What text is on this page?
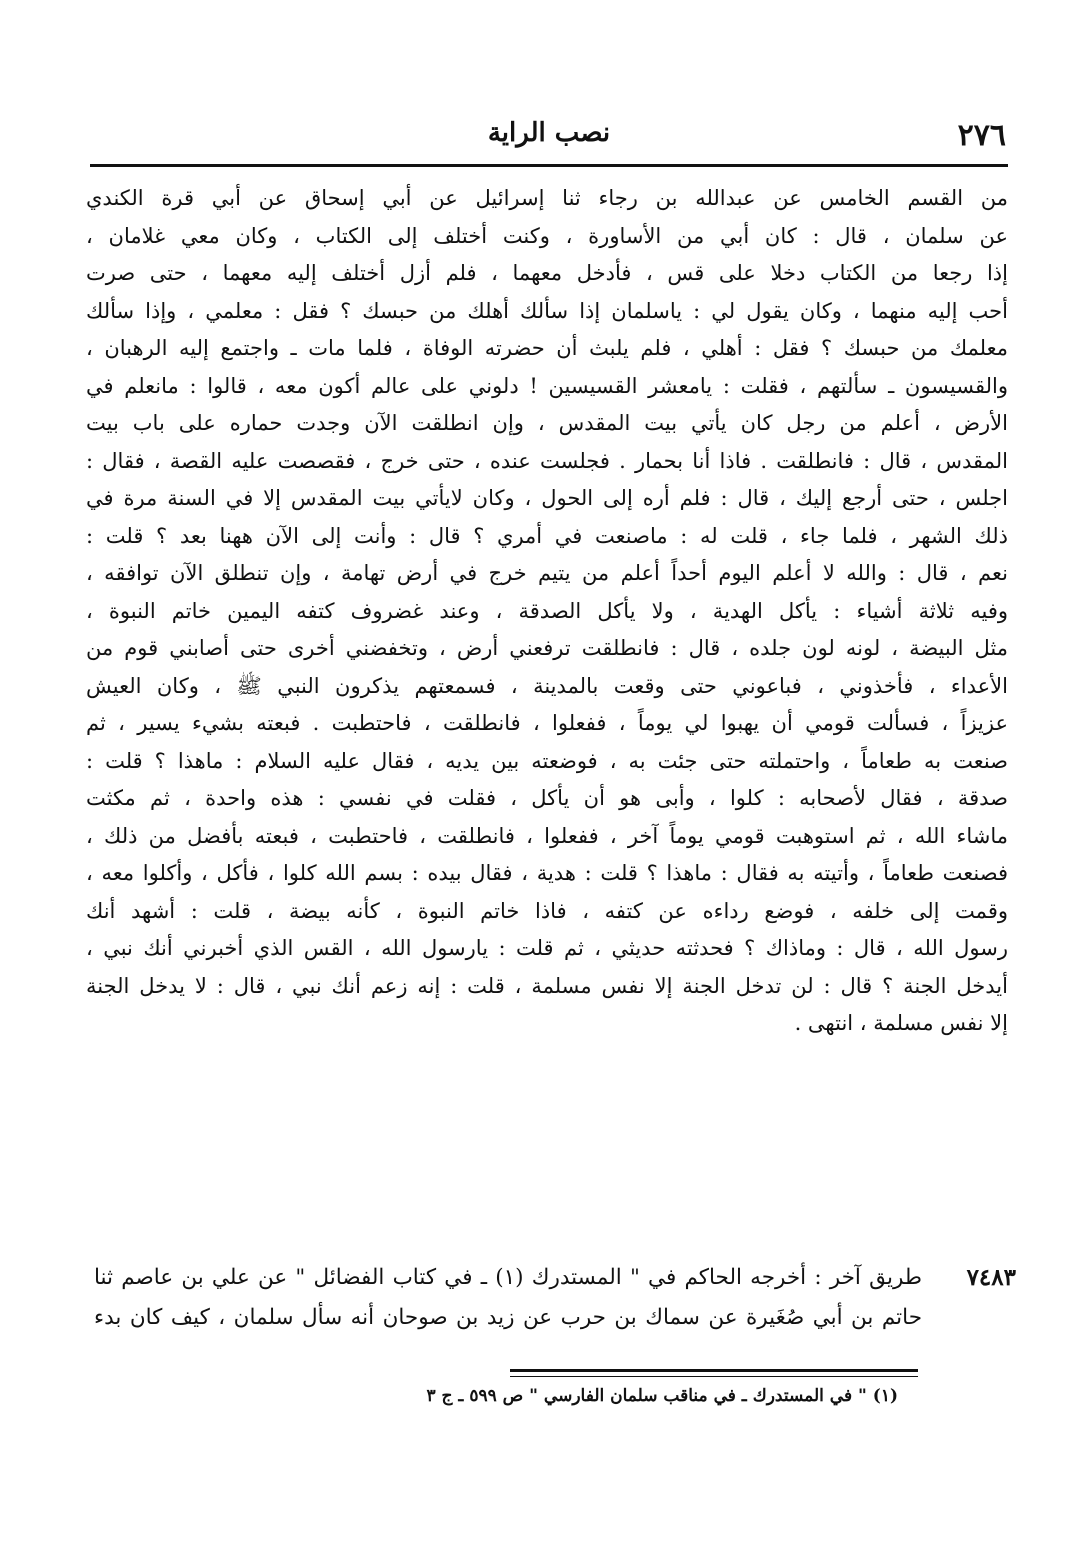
٢٧٦
نصب الراية
من القسم الخامس عن عبدالله بن رجاء ثنا إسرائيل عن أبي إسحاق عن أبي قرة الكندي
عن سلمان ، قال : كان أبي من الأساورة ، وكنت أختلف إلى الكتاب ، وكان معي غلامان ،
إذا رجعا من الكتاب دخلا على قس ، فأدخل معهما ، فلم أزل أختلف إليه معهما ، حتى صرت
أحب إليه منهما ، وكان يقول لي : ياسلمان إذا سألك أهلك من حبسك ؟ فقل : معلمي ، وإذا سألك
معلمك من حبسك ؟ فقل : أهلي ، فلم يلبث أن حضرته الوفاة ، فلما مات ـ واجتمع إليه الرهبان ،
والقسيسون ـ سألتهم ، فقلت : يامعشر القسيسين ! دلوني على عالم أكون معه ، قالوا : مانعلم في
الأرض ، أعلم من رجل كان يأتي بيت المقدس ، وإن انطلقت الآن وجدت حماره على باب بيت
المقدس ، قال : فانطلقت . فاذا أنا بحمار . فجلست عنده ، حتى خرج ، فقصصت عليه القصة ، فقال :
اجلس ، حتى أرجع إليك ، قال : فلم أره إلى الحول ، وكان لايأتي بيت المقدس إلا في السنة مرة في
ذلك الشهر ، فلما جاء ، قلت له : ماصنعت في أمري ؟ قال : وأنت إلى الآن ههنا بعد ؟ قلت :
نعم ، قال : والله لا أعلم اليوم أحداً أعلم من يتيم خرج في أرض تهامة ، وإن تنطلق الآن توافقه ،
وفيه ثلاثة أشياء : يأكل الهدية ، ولا يأكل الصدقة ، وعند غضروف كتفه اليمين خاتم النبوة ،
مثل البيضة ، لونه لون جلده ، قال : فانطلقت ترفعني أرض ، وتخفضني أخرى حتى أصابني قوم من
الأعداء ، فأخذوني ، فباعوني حتى وقعت بالمدينة ، فسمعتهم يذكرون النبي ﷺ ، وكان العيش
عزيزاً ، فسألت قومي أن يهبوا لي يوماً ، ففعلوا ، فانطلقت ، فاحتطبت . فبعته بشيء يسير ، ثم
صنعت به طعاماً ، واحتملته حتى جئت به ، فوضعته بين يديه ، فقال عليه السلام : ماهذا ؟ قلت :
صدقة ، فقال لأصحابه : كلوا ، وأبى هو أن يأكل ، فقلت في نفسي : هذه واحدة ، ثم مكثت
ماشاء الله ، ثم استوهبت قومي يوماً آخر ، ففعلوا ، فانطلقت ، فاحتطبت ، فبعته بأفضل من ذلك ،
فصنعت طعاماً ، وأتيته به فقال : ماهذا ؟ قلت : هدية ، فقال بيده : بسم الله كلوا ، فأكل ، وأكلوا معه ،
وقمت إلى خلفه ، فوضع رداءه عن كتفه ، فاذا خاتم النبوة ، كأنه بيضة ، قلت : أشهد أنك
رسول الله ، قال : وماذاك ؟ فحدثته حديثي ، ثم قلت : يارسول الله ، القس الذي أخبرني أنك نبي ،
أيدخل الجنة ؟ قال : لن تدخل الجنة إلا نفس مسلمة ، قلت : إنه زعم أنك نبي ، قال : لا يدخل الجنة
إلا نفس مسلمة ، انتهى .
٧٤٨٣
طريق آخر : أخرجه الحاكم في " المستدرك (١) ـ في كتاب الفضائل " عن علي بن عاصم ثنا
حاتم بن أبي صُغَيرة عن سماك بن حرب عن زيد بن صوحان أنه سأل سلمان ، كيف كان بدء
(١) " في المستدرك ـ في مناقب سلمان الفارسي " ص ٥٩٩ ـ ج ٣
